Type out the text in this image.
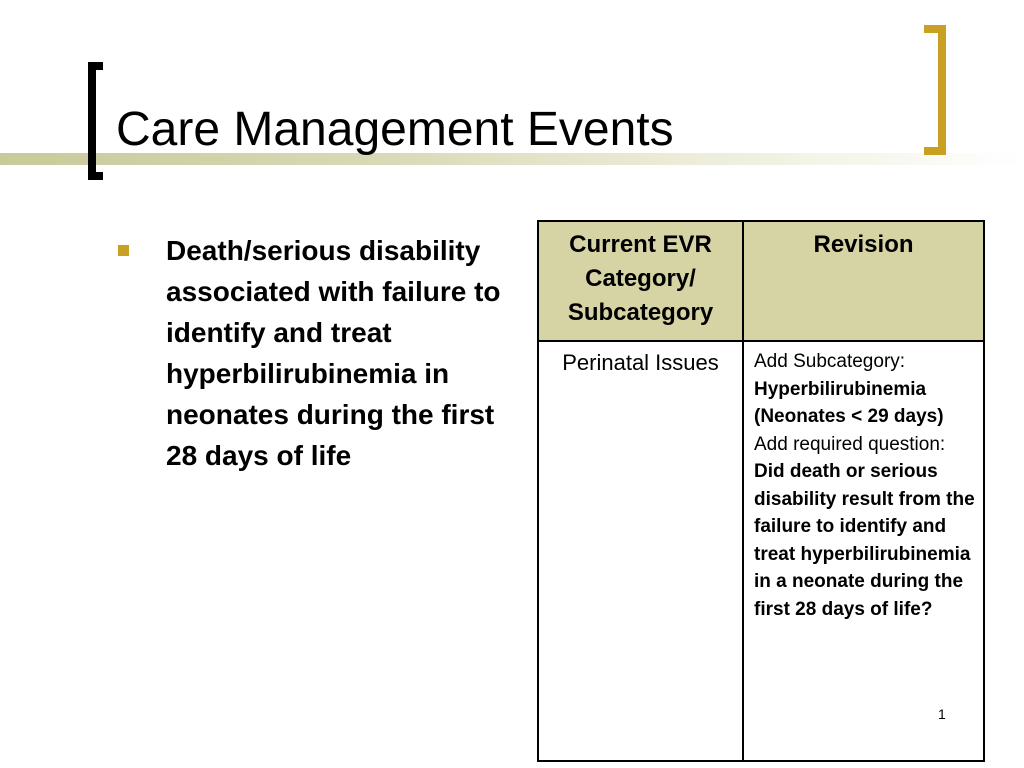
Care Management Events
Death/serious disability associated with failure to identify and treat hyperbilirubinemia in neonates during the first 28 days of life
Current EVR Category/ Subcategory	Revision
Perinatal Issues	Add Subcategory:
Hyperbilirubinemia (Neonates < 29 days)
Add required question:
Did death or serious disability result from the failure to identify and treat hyperbilirubinemia in a neonate during the first 28 days of life?
1
